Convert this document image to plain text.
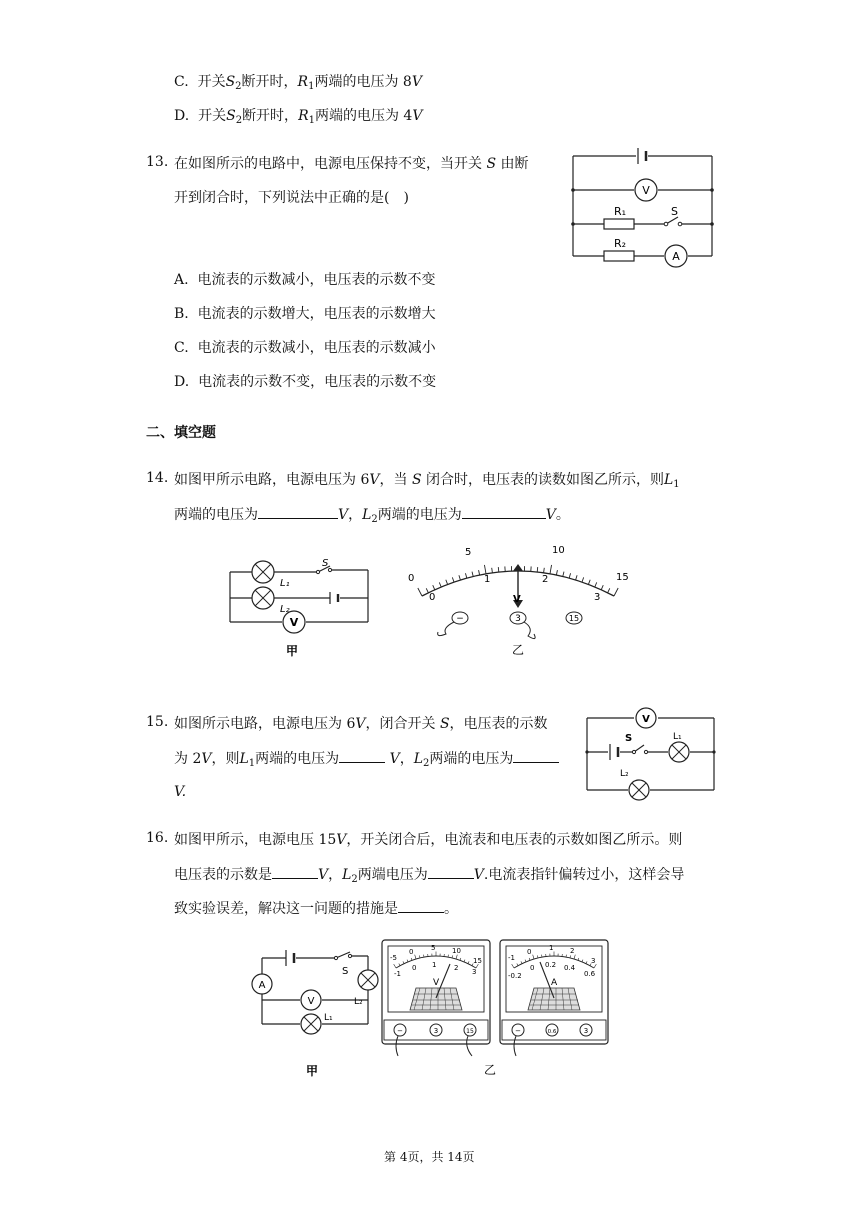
C. 开关$S_2$断开时，$R_1$两端的电压为 8V
D. 开关$S_2$断开时，$R_1$两端的电压为 4V
13. 在如图所示的电路中，电源电压保持不变，当开关 S 由断
开到闭合时，下列说法中正确的是(　)	V
A
R₁
R₂
S
A. 电流表的示数减小，电压表的示数不变
B. 电流表的示数增大，电压表的示数增大
C. 电流表的示数减小，电压表的示数减小
D. 电流表的示数不变，电压表的示数不变
二、填空题
14. 如图甲所示电路，电源电压为 6V，当 S 闭合时，电压表的读数如图乙所示，则$L_1$
两端的电压为	V，$L_2$两端的电压为	V。
V
L₁
L₂
S
甲
0
5	10
15
0
1	2
3
V
−	3	15
乙
15. 如图所示电路，电源电压为 6V，闭合开关 S，电压表的示数
为 2V，则$L_1$两端的电压为	V，$L_2$两端的电压为
V.
V
S	L₁
L₂
16. 如图甲所示，电源电压 15V，开关闭合后，电流表和电压表的示数如图乙所示。则
电压表的示数是	V，$L_2$两端电压为	V.电流表指针偏转过小，这样会导
致实验误差，解决这一问题的措施是	。
A
V
S
L₂
L₁
甲
-5
0	5 10
15
-1
0 1	2 3
V
−	3	15
-1
0	1 2
3
-0.2
0 0.2 0.4
0.6
A
−	0.6	3
乙
第 4页，共 14页
